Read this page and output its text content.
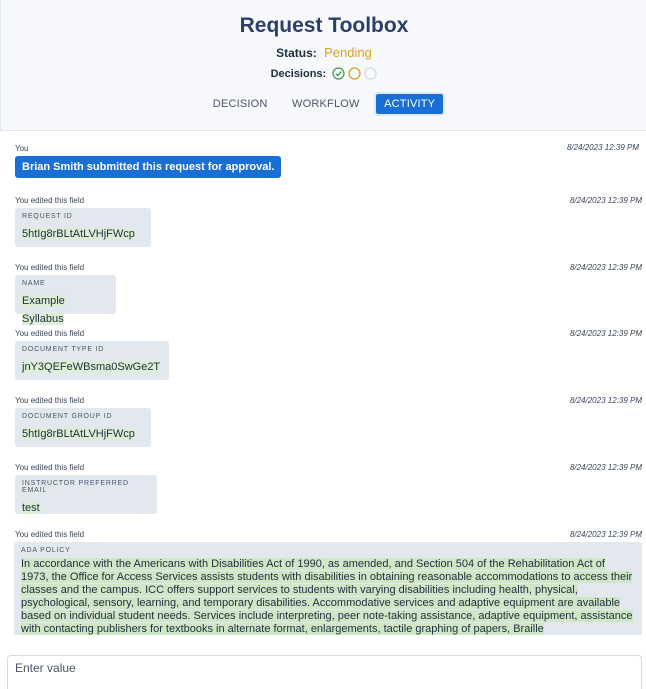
Request Toolbox
Status: Pending
Decisions:
DECISION WORKFLOW ACTIVITY
You	8/24/2023 12:39 PM
Brian Smith submitted this request for approval.
You edited this field	8/24/2023 12:39 PM
REQUEST ID
5htIg8rBLtAtLVHjFWcp
You edited this field	8/24/2023 12:39 PM
NAME
Example Syllabus
You edited this field	8/24/2023 12:39 PM
DOCUMENT TYPE ID
jnY3QEFeWBsma0SwGe2T
You edited this field	8/24/2023 12:39 PM
DOCUMENT GROUP ID
5htIg8rBLtAtLVHjFWcp
You edited this field	8/24/2023 12:39 PM
INSTRUCTOR PREFERRED EMAIL
test
You edited this field	8/24/2023 12:39 PM
ADA POLICY
In accordance with the Americans with Disabilities Act of 1990, as amended, and Section 504 of the Rehabilitation Act of 1973, the Office for Access Services assists students with disabilities in obtaining reasonable accommodations to access their classes and the campus. ICC offers support services to students with varying disabilities including health, physical, psychological, sensory, learning, and temporary disabilities. Accommodative services and adaptive equipment are available based on individual student needs. Services include interpreting, peer note-taking assistance, adaptive equipment, assistance with contacting publishers for textbooks in alternate format, enlargements, tactile graphing of papers, Braille
Enter value
